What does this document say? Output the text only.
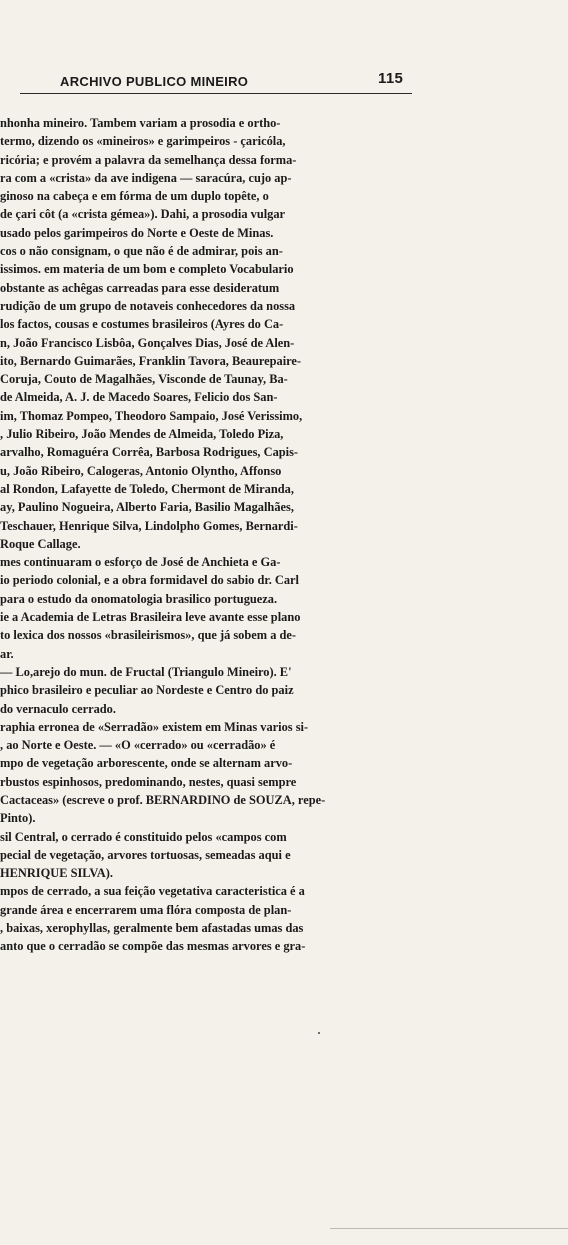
ARCHIVO PUBLICO MINEIRO	115
nhonha mineiro. Tambem variam a prosodia e ortho-
termo, dizendo os «mineiros» e garimpeiros - çaricóla,
ricória; e provém a palavra da semelhança dessa forma-
ra com a «crista» da ave indigena — saracúra, cujo ap-
ginoso na cabeça e em fórma de um duplo topête, o
de çari côt (a «crista gémea»). Dahi, a prosodia vulgar
usado pelos garimpeiros do Norte e Oeste de Minas.
cos o não consignam, o que não é de admirar, pois an-
issimos. em materia de um bom e completo Vocabulario
obstante as achêgas carreadas para esse desideratum
rudição de um grupo de notaveis conhecedores da nossa
los factos, cousas e costumes brasileiros (Ayres do Ca-
n, João Francisco Lisbôa, Gonçalves Dias, José de Alen-
ito, Bernardo Guimarães, Franklin Tavora, Beaurepaire-
Coruja, Couto de Magalhães, Visconde de Taunay, Ba-
de Almeida, A. J. de Macedo Soares, Felicio dos San-
im, Thomaz Pompeo, Theodoro Sampaio, José Verissimo,
, Julio Ribeiro, João Mendes de Almeida, Toledo Piza,
arvalho, Romaguéra Corrêa, Barbosa Rodrigues, Capis-
u, João Ribeiro, Calogeras, Antonio Olyntho, Affonso
al Rondon, Lafayette de Toledo, Chermont de Miranda,
ay, Paulino Nogueira, Alberto Faria, Basilio Magalhães,
Teschauer, Henrique Silva, Lindolpho Gomes, Bernardi-
Roque Callage.
mes continuaram o esforço de José de Anchieta e Ga-
io periodo colonial, e a obra formidavel do sabio dr. Carl
para o estudo da onomatologia brasilico portugueza.
ie a Academia de Letras Brasileira leve avante esse plano
to lexica dos nossos «brasileirismos», que já sobem a de-
ar.
— Lo,arejo do mun. de Fructal (Triangulo Mineiro). E'
phico brasileiro e peculiar ao Nordeste e Centro do paiz
do vernaculo cerrado.
raphia erronea de «Serradão» existem em Minas varios si-
, ao Norte e Oeste. — «O «cerrado» ou «cerradão» é
mpo de vegetação arborescente, onde se alternam arvo-
rbustos espinhosos, predominando, nestes, quasi sempre
Cactaceas» (escreve o prof. BERNARDINO de SOUZA, repe-
Pinto).
sil Central, o cerrado é constituido pelos «campos com
pecial de vegetação, arvores tortuosas, semeadas aqui e
HENRIQUE SILVA).
mpos de cerrado, a sua feição vegetativa caracteristica é a
grande área e encerrarem uma flóra composta de plan-
, baixas, xerophyllas, geralmente bem afastadas umas das
anto que o cerradão se compõe das mesmas arvores e gra-
